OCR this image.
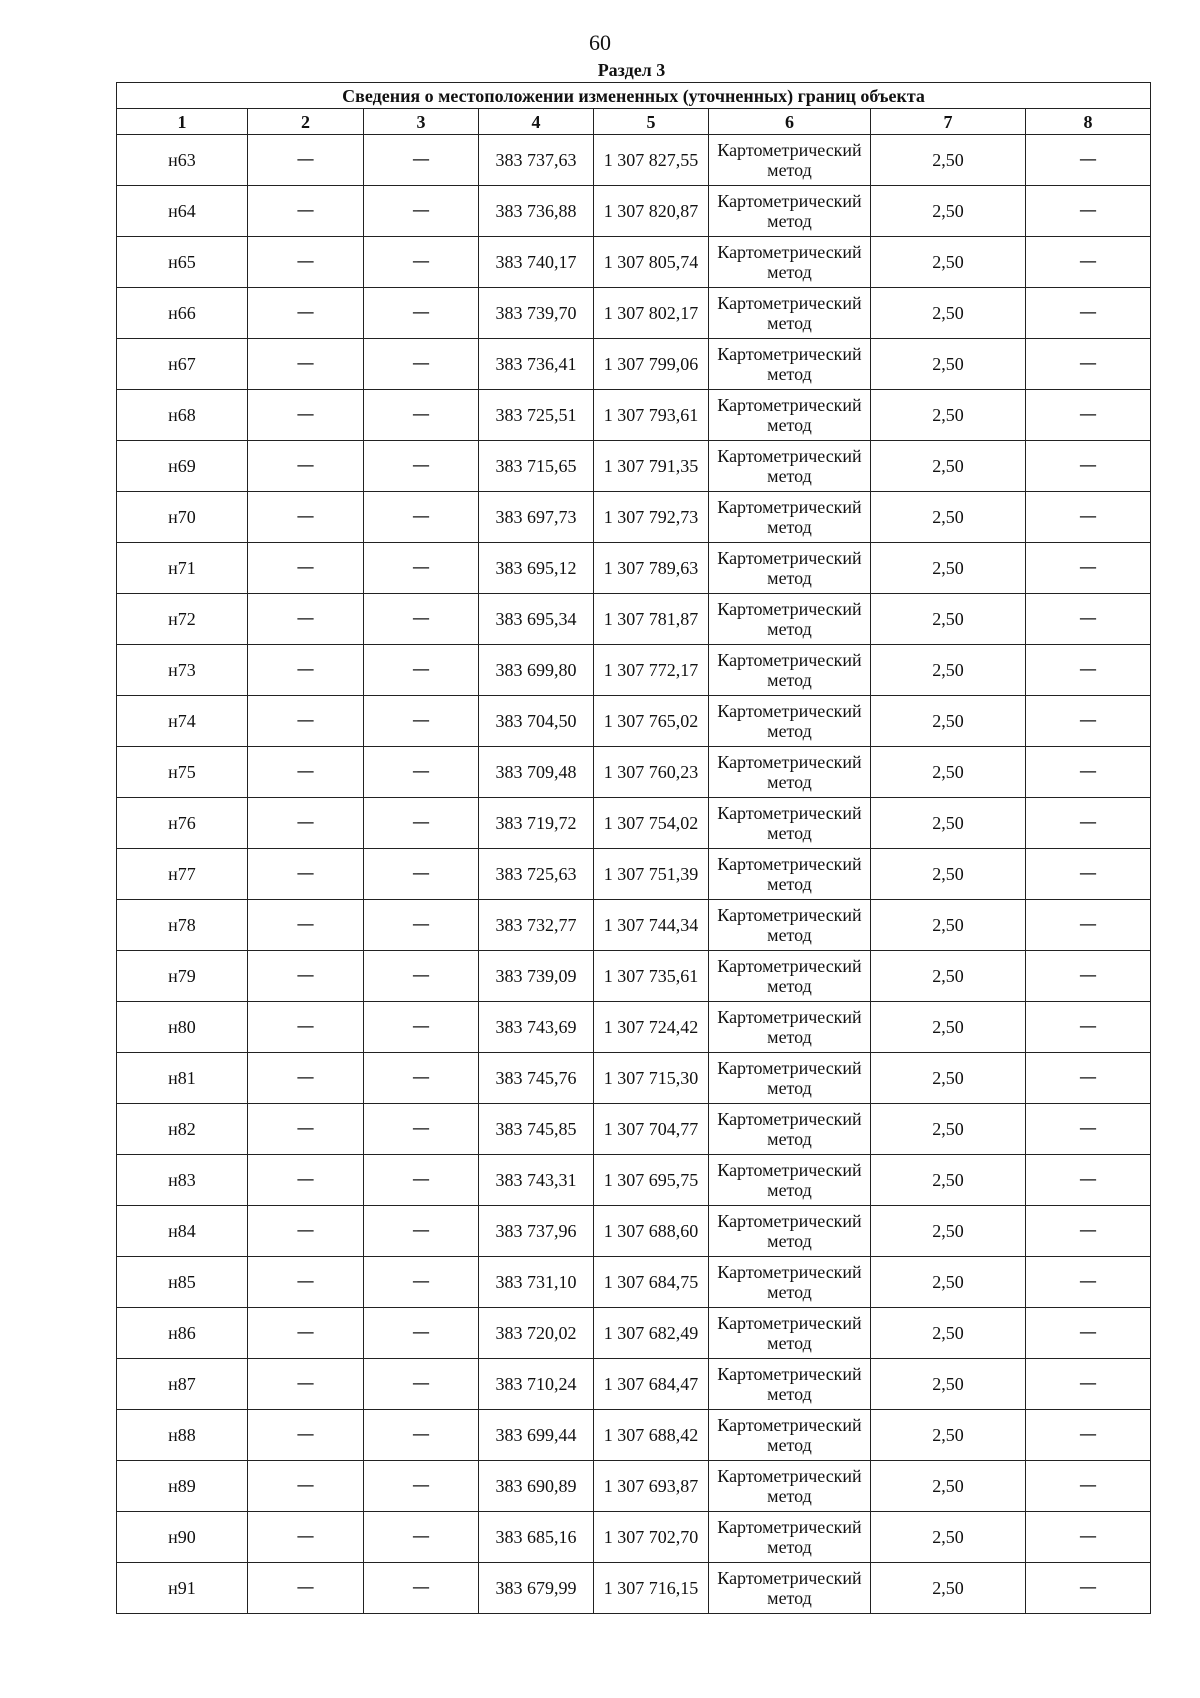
60
Раздел 3
Сведения о местоположении измененных (уточненных) границ объекта							
1	2	3	4	5	6	7	8
н63	—	—	383 737,63	1 307 827,55	Картометрический метод	2,50	—
н64	—	—	383 736,88	1 307 820,87	Картометрический метод	2,50	—
н65	—	—	383 740,17	1 307 805,74	Картометрический метод	2,50	—
н66	—	—	383 739,70	1 307 802,17	Картометрический метод	2,50	—
н67	—	—	383 736,41	1 307 799,06	Картометрический метод	2,50	—
н68	—	—	383 725,51	1 307 793,61	Картометрический метод	2,50	—
н69	—	—	383 715,65	1 307 791,35	Картометрический метод	2,50	—
н70	—	—	383 697,73	1 307 792,73	Картометрический метод	2,50	—
н71	—	—	383 695,12	1 307 789,63	Картометрический метод	2,50	—
н72	—	—	383 695,34	1 307 781,87	Картометрический метод	2,50	—
н73	—	—	383 699,80	1 307 772,17	Картометрический метод	2,50	—
н74	—	—	383 704,50	1 307 765,02	Картометрический метод	2,50	—
н75	—	—	383 709,48	1 307 760,23	Картометрический метод	2,50	—
н76	—	—	383 719,72	1 307 754,02	Картометрический метод	2,50	—
н77	—	—	383 725,63	1 307 751,39	Картометрический метод	2,50	—
н78	—	—	383 732,77	1 307 744,34	Картометрический метод	2,50	—
н79	—	—	383 739,09	1 307 735,61	Картометрический метод	2,50	—
н80	—	—	383 743,69	1 307 724,42	Картометрический метод	2,50	—
н81	—	—	383 745,76	1 307 715,30	Картометрический метод	2,50	—
н82	—	—	383 745,85	1 307 704,77	Картометрический метод	2,50	—
н83	—	—	383 743,31	1 307 695,75	Картометрический метод	2,50	—
н84	—	—	383 737,96	1 307 688,60	Картометрический метод	2,50	—
н85	—	—	383 731,10	1 307 684,75	Картометрический метод	2,50	—
н86	—	—	383 720,02	1 307 682,49	Картометрический метод	2,50	—
н87	—	—	383 710,24	1 307 684,47	Картометрический метод	2,50	—
н88	—	—	383 699,44	1 307 688,42	Картометрический метод	2,50	—
н89	—	—	383 690,89	1 307 693,87	Картометрический метод	2,50	—
н90	—	—	383 685,16	1 307 702,70	Картометрический метод	2,50	—
н91	—	—	383 679,99	1 307 716,15	Картометрический метод	2,50	—
